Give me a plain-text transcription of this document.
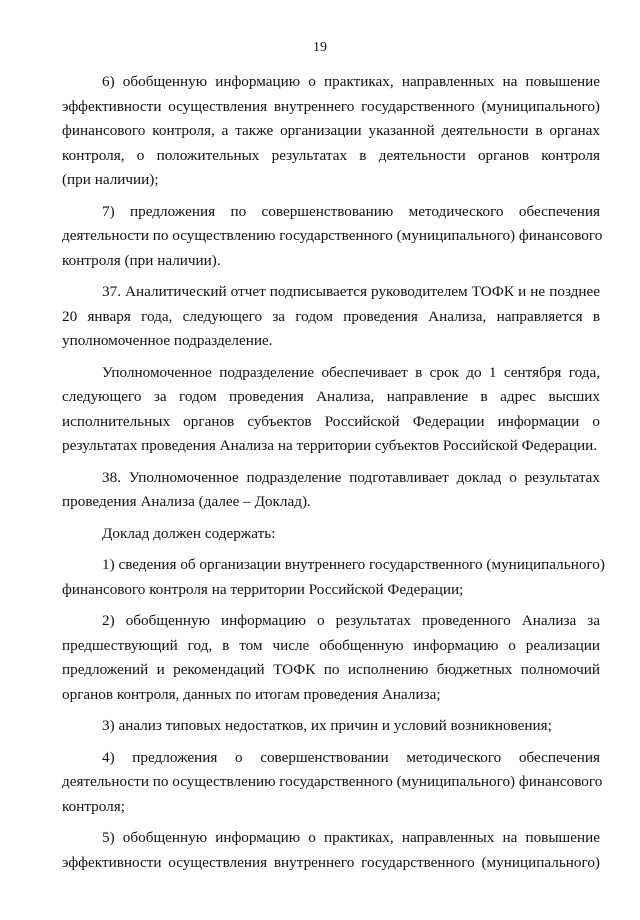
19
6) обобщенную информацию о практиках, направленных на повышение
эффективности осуществления внутреннего государственного (муниципального)
финансового контроля, а также организации указанной деятельности в органах
контроля, о положительных результатах в деятельности органов контроля
(при наличии);
7) предложения по совершенствованию методического обеспечения
деятельности по осуществлению государственного (муниципального) финансового
контроля (при наличии).
37. Аналитический отчет подписывается руководителем ТОФК и не позднее
20 января года, следующего за годом проведения Анализа, направляется в
уполномоченное подразделение.
Уполномоченное подразделение обеспечивает в срок до 1 сентября года,
следующего за годом проведения Анализа, направление в адрес высших
исполнительных органов субъектов Российской Федерации информации о
результатах проведения Анализа на территории субъектов Российской Федерации.
38. Уполномоченное подразделение подготавливает доклад о результатах
проведения Анализа (далее – Доклад).
Доклад должен содержать:
1) сведения об организации внутреннего государственного (муниципального)
финансового контроля на территории Российской Федерации;
2) обобщенную информацию о результатах проведенного Анализа за
предшествующий год, в том числе обобщенную информацию о реализации
предложений и рекомендаций ТОФК по исполнению бюджетных полномочий
органов контроля, данных по итогам проведения Анализа;
3) анализ типовых недостатков, их причин и условий возникновения;
4) предложения о совершенствовании методического обеспечения
деятельности по осуществлению государственного (муниципального) финансового
контроля;
5) обобщенную информацию о практиках, направленных на повышение
эффективности осуществления внутреннего государственного (муниципального)
